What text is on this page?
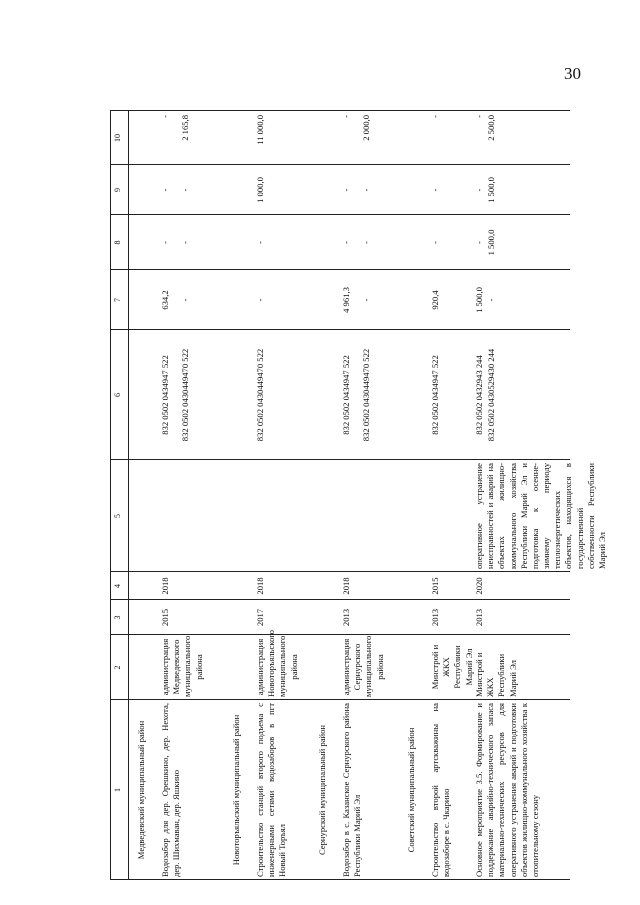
30
1
2
3
4
5
6
7
8
9
10
Медведевский муниципальный район Водозабор для дер. Орешкино, дер. Нехота, дер. Шихмаван, дер. Яшкино
администрация Медведевского муниципального района
2015
2018
832 0502 0434947 522 832 0502 0430449470 522
634,2 -
- -
- -
- 2 165,8
Новоторъяльский муниципальный район Строительство станций второго подъема с инженерными сетями водозаборов в пгт Новый Торъял
администрация Новоторъяльского муниципального района
2017
2018
832 0502 0430449470 522
-
-
1 000,0
11 000,0
Сернурский муниципальный район Водозабор в с. Казанское Сернурского района Республики Марий Эл
администрация Сернурского муниципального района
2013
2018
832 0502 0434947 522 832 0502 0430449470 522
4 961,3 -
- -
- -
- 2 000,0
Советский муниципальный район Строительство второй артскважины на водозаборе в с. Чкарино
Минстрой и ЖКХ Республики Марий Эл
2013
2015
832 0502 0434947 522
920,4
-
-
-
Основное мероприятие 3.5. Формирование и поддержание аварийно-технического запаса материально-технических ресурсов для оперативного устранения аварий и подготовки объектов жилищно-коммунального хозяйства к отопительному сезону
Минстрой и ЖКХ Республики Марий Эл
2013
2020
оперативное устранение неисправностей и аварий на объектах жилищно-коммунального хозяйства Республики Марий Эл и подготовка к осенне-зимнему периоду теплоэнергетических объектов, находящихся в государственной собственности Республики Марий Эл
832 0502 0432943 244 832 0502 0430529430 244
1 500,0 -
- 1 500,0
- 1 500,0
- 2 500,0
